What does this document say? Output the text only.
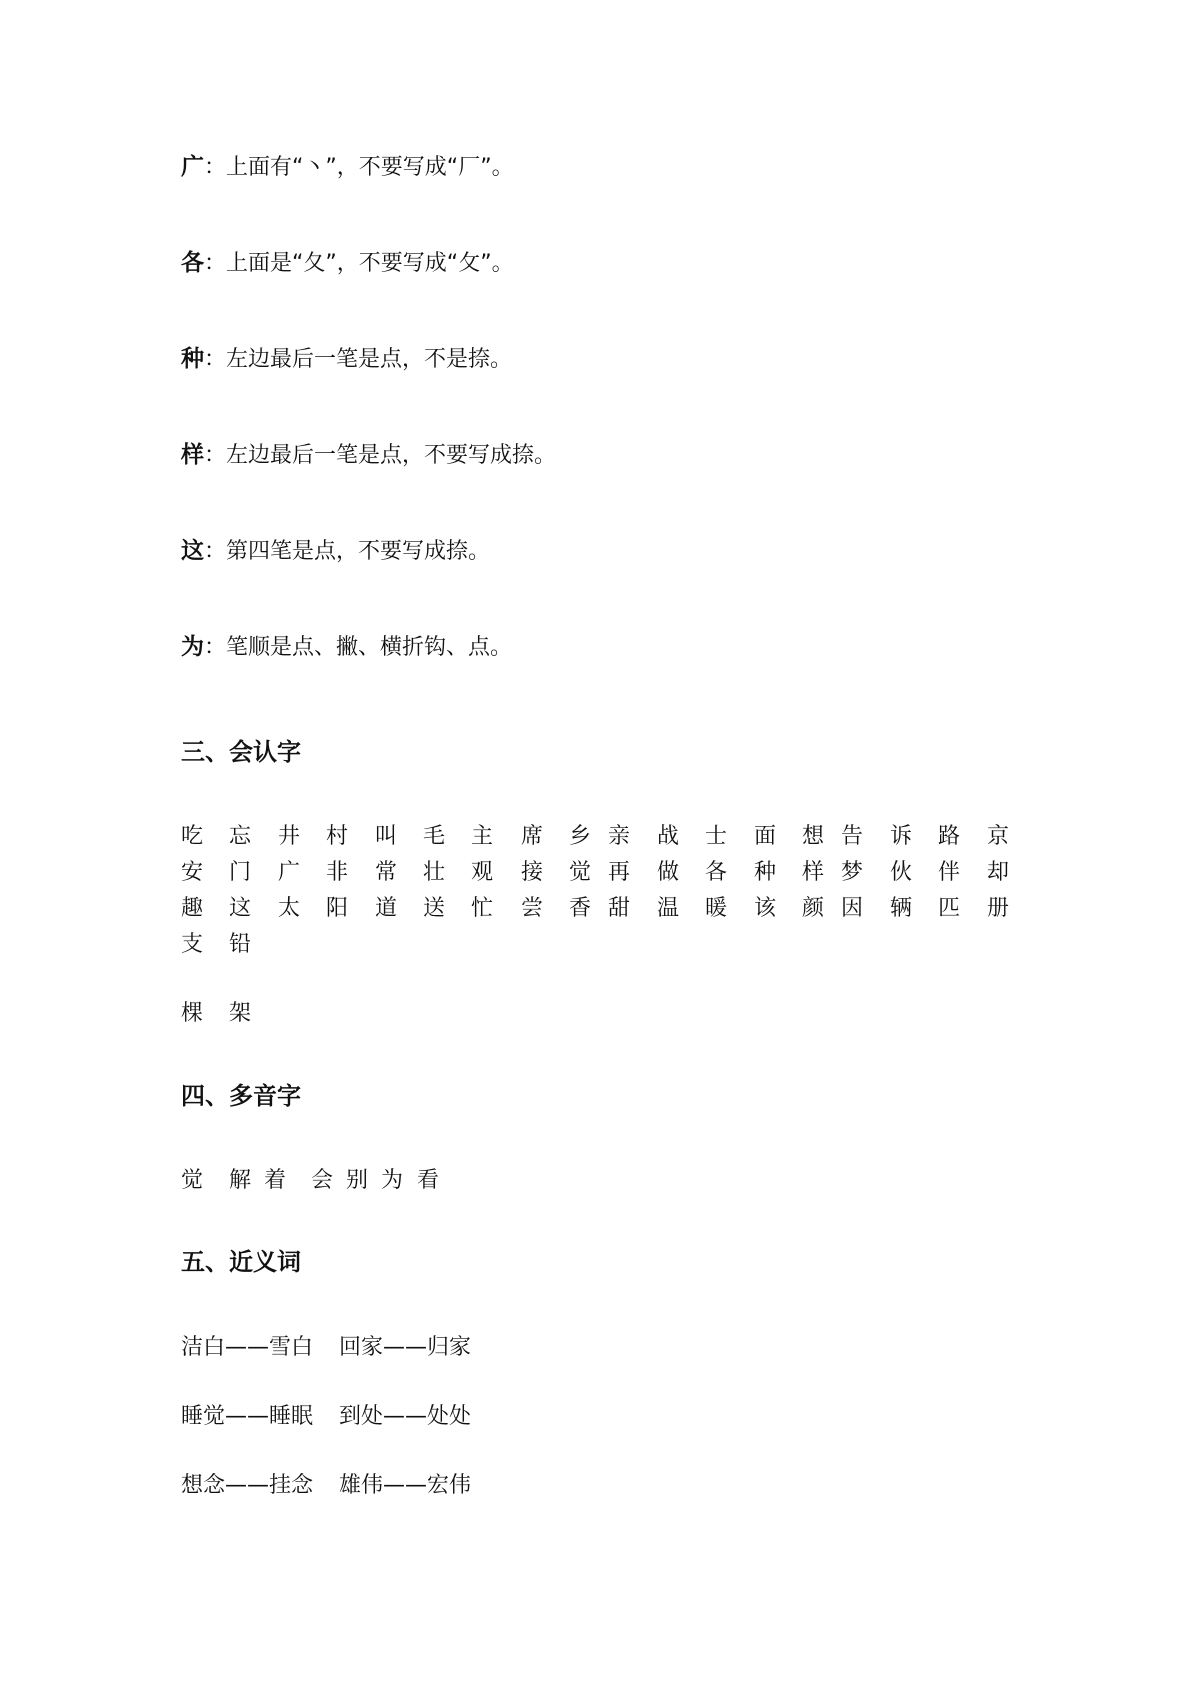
广：上面有“丶”，不要写成“厂”。
各：上面是“夂”，不要写成“攵”。
种：左边最后一笔是点，不是捺。
样：左边最后一笔是点，不要写成捺。
这：第四笔是点，不要写成捺。
为：笔顺是点、撇、横折钩、点。
三、会认字
吃 忘 井 村 叫 毛 主 席 乡 亲 战 士 面 想 告 诉 路 京
安 门 广 非 常 壮 观 接 觉 再 做 各 种 样 梦 伙 伴 却
趣 这 太 阳 道 送 忙 尝 香 甜 温 暖 该 颜 因 辆 匹 册
支 铅
棵 架
四、多音字
觉 解 着 会 别 为 看
五、近义词
洁白——雪白 回家——归家
睡觉——睡眠 到处——处处
想念——挂念 雄伟——宏伟
